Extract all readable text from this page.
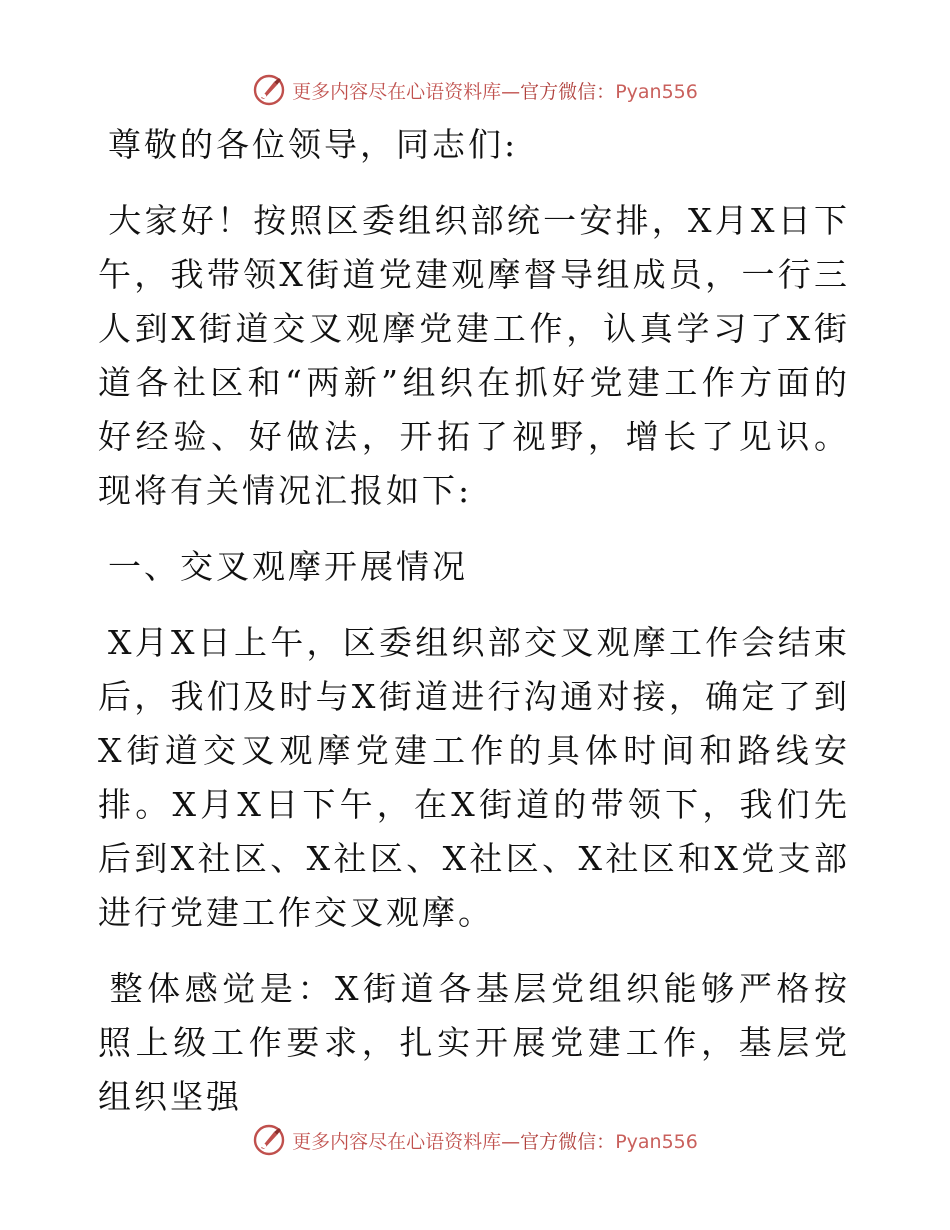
更多内容尽在心语资料库—官方微信：Pyan556

尊敬的各位领导，同志们:

大家好！按照区委组织部统一安排，X月X日下午，我带领X街道党建观摩督导组成员，一行三人到X街道交叉观摩党建工作，认真学习了X街道各社区和“两新”组织在抓好党建工作方面的好经验、好做法，开拓了视野，增长了见识。现将有关情况汇报如下:

一、交叉观摩开展情况

X月X日上午，区委组织部交叉观摩工作会结束后，我们及时与X街道进行沟通对接，确定了到X街道交叉观摩党建工作的具体时间和路线安排。X月X日下午，在X街道的带领下，我们先后到X社区、X社区、X社区、X社区和X党支部进行党建工作交叉观摩。

整体感觉是：X街道各基层党组织能够严格按照上级工作要求，扎实开展党建工作，基层党组织坚强

更多内容尽在心语资料库—官方微信：Pyan556
